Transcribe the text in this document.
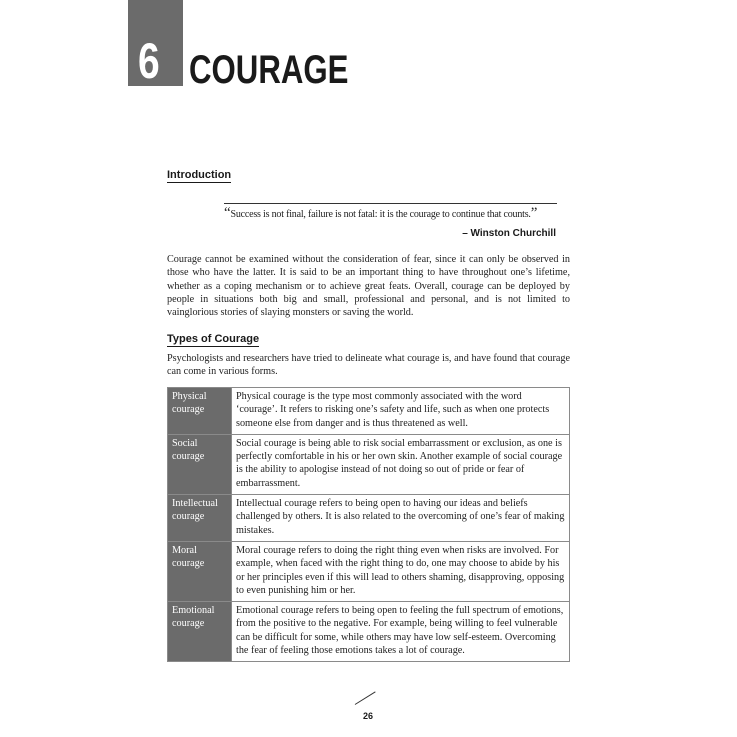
6 COURAGE
Introduction
“Success is not final, failure is not fatal: it is the courage to continue that counts.”
– Winston Churchill
Courage cannot be examined without the consideration of fear, since it can only be observed in those who have the latter. It is said to be an important thing to have throughout one’s lifetime, whether as a coping mechanism or to achieve great feats. Overall, courage can be deployed by people in situations both big and small, professional and personal, and is not limited to vainglorious stories of slaying monsters or saving the world.
Types of Courage
Psychologists and researchers have tried to delineate what courage is, and have found that courage can come in various forms.
Physical courage	Physical courage is the type most commonly associated with the word ‘courage’. It refers to risking one’s safety and life, such as when one protects someone else from danger and is thus threatened as well.
Social courage	Social courage is being able to risk social embarrassment or exclusion, as one is perfectly comfortable in his or her own skin. Another example of social courage is the ability to apologise instead of not doing so out of pride or fear of embarrassment.
Intellectual courage	Intellectual courage refers to being open to having our ideas and beliefs challenged by others. It is also related to the overcoming of one’s fear of making mistakes.
Moral courage	Moral courage refers to doing the right thing even when risks are involved. For example, when faced with the right thing to do, one may choose to abide by his or her principles even if this will lead to others shaming, disapproving, opposing to even punishing him or her.
Emotional courage	Emotional courage refers to being open to feeling the full spectrum of emotions, from the positive to the negative. For example, being willing to feel vulnerable can be difficult for some, while others may have low self-esteem. Overcoming the fear of feeling those emotions takes a lot of courage.
26
